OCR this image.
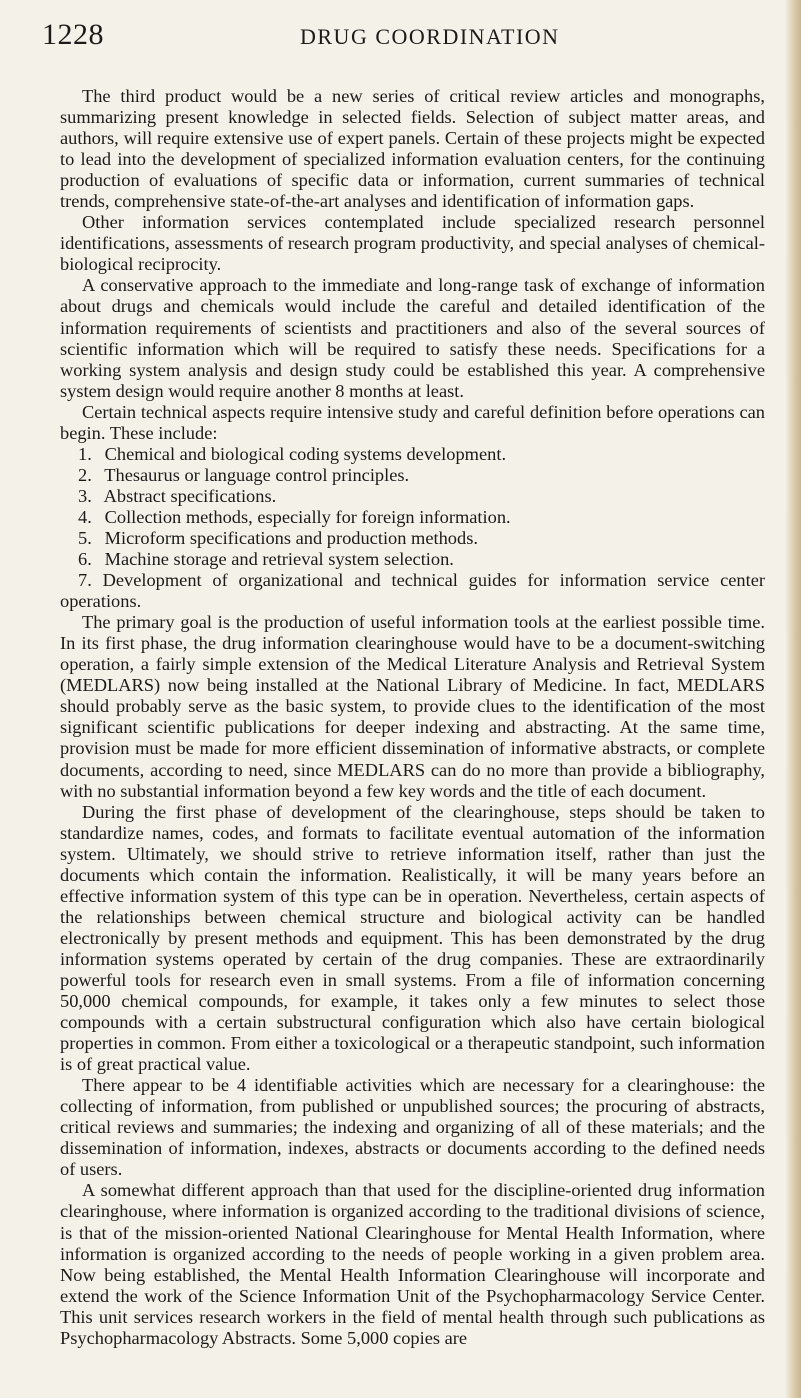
1228	DRUG COORDINATION

The third product would be a new series of critical review articles and monographs, summarizing present knowledge in selected fields. Selection of subject matter areas, and authors, will require extensive use of expert panels. Certain of these projects might be expected to lead into the development of specialized information evaluation centers, for the continuing production of evaluations of specific data or information, current summaries of technical trends, comprehensive state-of-the-art analyses and identification of information gaps.

Other information services contemplated include specialized research personnel identifications, assessments of research program productivity, and special analyses of chemical-biological reciprocity.

A conservative approach to the immediate and long-range task of exchange of information about drugs and chemicals would include the careful and detailed identification of the information requirements of scientists and practitioners and also of the several sources of scientific information which will be required to satisfy these needs. Specifications for a working system analysis and design study could be established this year. A comprehensive system design would require another 8 months at least.

Certain technical aspects require intensive study and careful definition before operations can begin. These include:

1. Chemical and biological coding systems development.
2. Thesaurus or language control principles.
3. Abstract specifications.
4. Collection methods, especially for foreign information.
5. Microform specifications and production methods.
6. Machine storage and retrieval system selection.
7. Development of organizational and technical guides for information service center operations.

The primary goal is the production of useful information tools at the earliest possible time. In its first phase, the drug information clearinghouse would have to be a document-switching operation, a fairly simple extension of the Medical Literature Analysis and Retrieval System (MEDLARS) now being installed at the National Library of Medicine. In fact, MEDLARS should probably serve as the basic system, to provide clues to the identification of the most significant scientific publications for deeper indexing and abstracting. At the same time, provision must be made for more efficient dissemination of informative abstracts, or complete documents, according to need, since MEDLARS can do no more than provide a bibliography, with no substantial information beyond a few key words and the title of each document.

During the first phase of development of the clearinghouse, steps should be taken to standardize names, codes, and formats to facilitate eventual automation of the information system. Ultimately, we should strive to retrieve information itself, rather than just the documents which contain the information. Realistically, it will be many years before an effective information system of this type can be in operation. Nevertheless, certain aspects of the relationships between chemical structure and biological activity can be handled electronically by present methods and equipment. This has been demonstrated by the drug information systems operated by certain of the drug companies. These are extraordinarily powerful tools for research even in small systems. From a file of information concerning 50,000 chemical compounds, for example, it takes only a few minutes to select those compounds with a certain substructural configuration which also have certain biological properties in common. From either a toxicological or a therapeutic standpoint, such information is of great practical value.

There appear to be 4 identifiable activities which are necessary for a clearinghouse: the collecting of information, from published or unpublished sources; the procuring of abstracts, critical reviews and summaries; the indexing and organizing of all of these materials; and the dissemination of information, indexes, abstracts or documents according to the defined needs of users.

A somewhat different approach than that used for the discipline-oriented drug information clearinghouse, where information is organized according to the traditional divisions of science, is that of the mission-oriented National Clearinghouse for Mental Health Information, where information is organized according to the needs of people working in a given problem area. Now being established, the Mental Health Information Clearinghouse will incorporate and extend the work of the Science Information Unit of the Psychopharmacology Service Center. This unit services research workers in the field of mental health through such publications as Psychopharmacology Abstracts. Some 5,000 copies are
